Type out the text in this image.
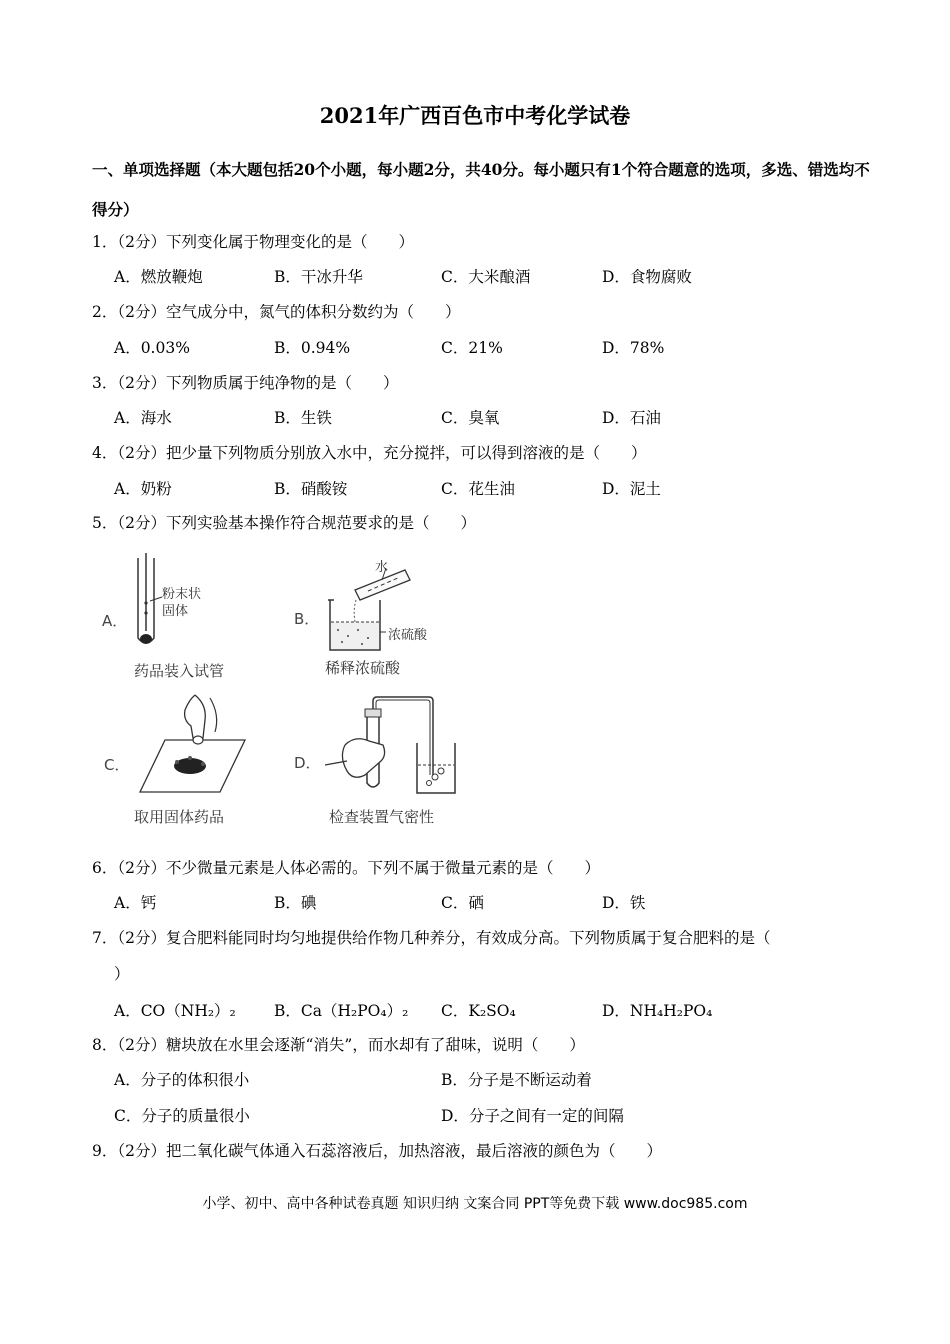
2021年广西百色市中考化学试卷
一、单项选择题（本大题包括20个小题，每小题2分，共40分。每小题只有1个符合题意的选项，多选、错选均不得分）
1．（2分）下列变化属于物理变化的是（　　）
A．燃放鞭炮	B．干冰升华	C．大米酿酒	D．食物腐败
2．（2分）空气成分中，氮气的体积分数约为（　　）
A．0.03%	B．0.94%	C．21%	D．78%
3．（2分）下列物质属于纯净物的是（　　）
A．海水	B．生铁	C．臭氧	D．石油
4．（2分）把少量下列物质分别放入水中，充分搅拌，可以得到溶液的是（　　）
A．奶粉	B．硝酸铵	C．花生油	D．泥土
5．（2分）下列实验基本操作符合规范要求的是（　　）
A．
粉末状固体
药品装入试管
B．
水
浓硫酸
稀释浓硫酸
C．
取用固体药品
D．
检查装置气密性
6．（2分）不少微量元素是人体必需的。下列不属于微量元素的是（　　）
A．钙	B．碘	C．硒	D．铁
7．（2分）复合肥料能同时均匀地提供给作物几种养分，有效成分高。下列物质属于复合肥料的是（
）
A．CO（NH₂）₂ B．Ca（H₂PO₄）₂ C．K₂SO₄	D．NH₄H₂PO₄
8．（2分）糖块放在水里会逐渐“消失”，而水却有了甜味，说明（　　）
A．分子的体积很小	B．分子是不断运动着
C．分子的质量很小	D．分子之间有一定的间隔
9．（2分）把二氧化碳气体通入石蕊溶液后，加热溶液，最后溶液的颜色为（　　）
小学、初中、高中各种试卷真题 知识归纳 文案合同 PPT等免费下载 www.doc985.com
